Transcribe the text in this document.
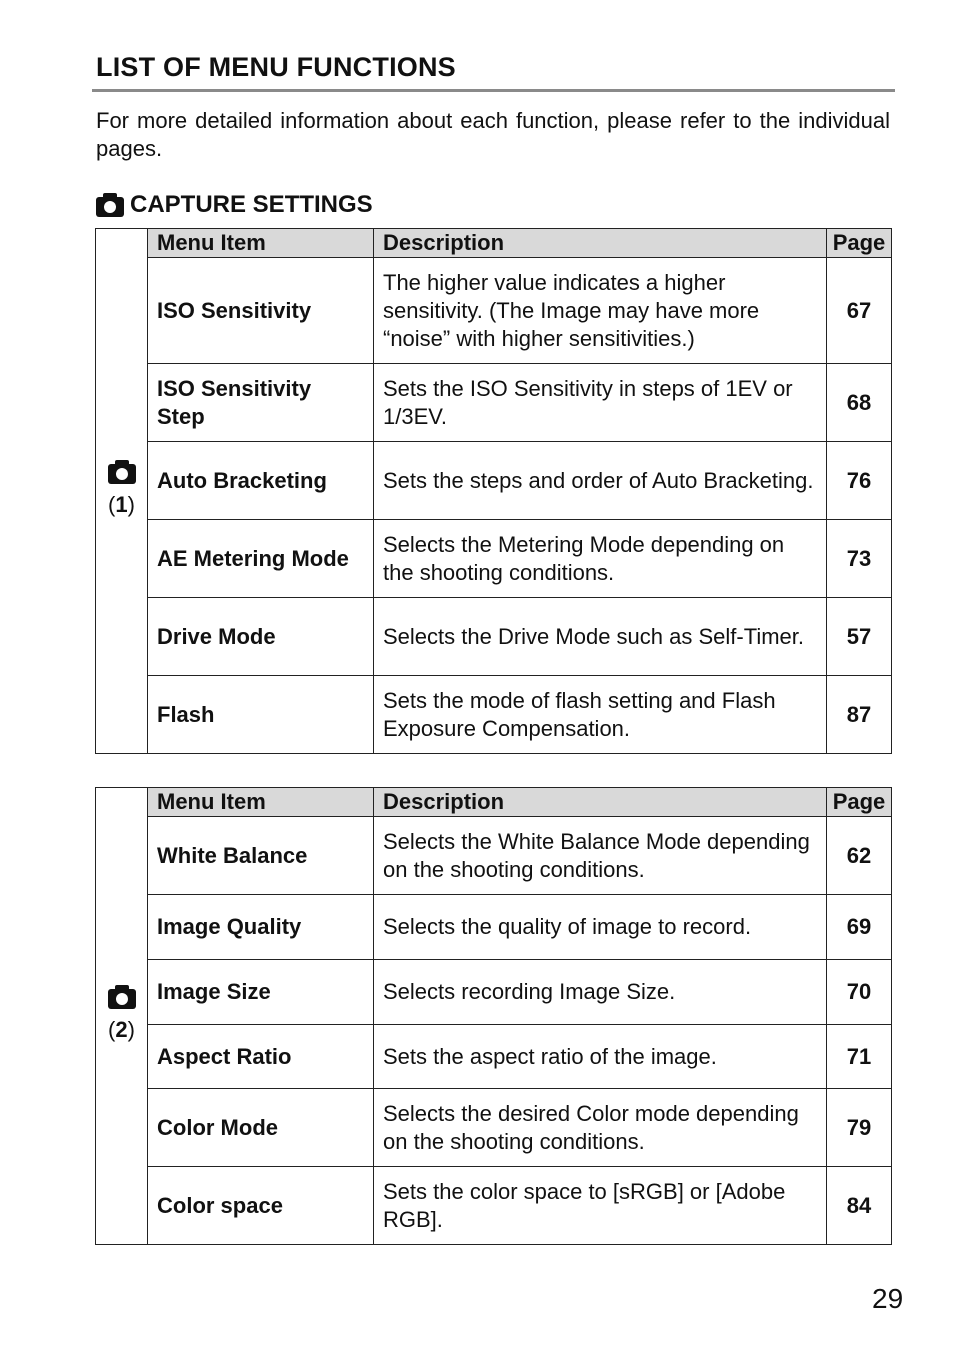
LIST OF MENU FUNCTIONS
For more detailed information about each function, please refer to the individual pages.
CAPTURE SETTINGS
(1)	Menu Item	Description	Page
	ISO Sensitivity	The higher value indicates a higher sensitivity. (The Image may have more “noise” with higher sensitivities.)	67
	ISO Sensitivity Step	Sets the ISO Sensitivity in steps of 1EV or 1/3EV.	68
	Auto Bracketing	Sets the steps and order of Auto Bracketing.	76
	AE Metering Mode	Selects the Metering Mode depending on the shooting conditions.	73
	Drive Mode	Selects the Drive Mode such as Self-Timer.	57
	Flash	Sets the mode of flash setting and Flash Exposure Compensation.	87
(2)	Menu Item	Description	Page
	White Balance	Selects the White Balance Mode depending on the shooting conditions.	62
	Image Quality	Selects the quality of image to record.	69
	Image Size	Selects recording Image Size.	70
	Aspect Ratio	Sets the aspect ratio of the image.	71
	Color Mode	Selects the desired Color mode depending on the shooting conditions.	79
	Color space	Sets the color space to [sRGB] or [Adobe RGB].	84
29
